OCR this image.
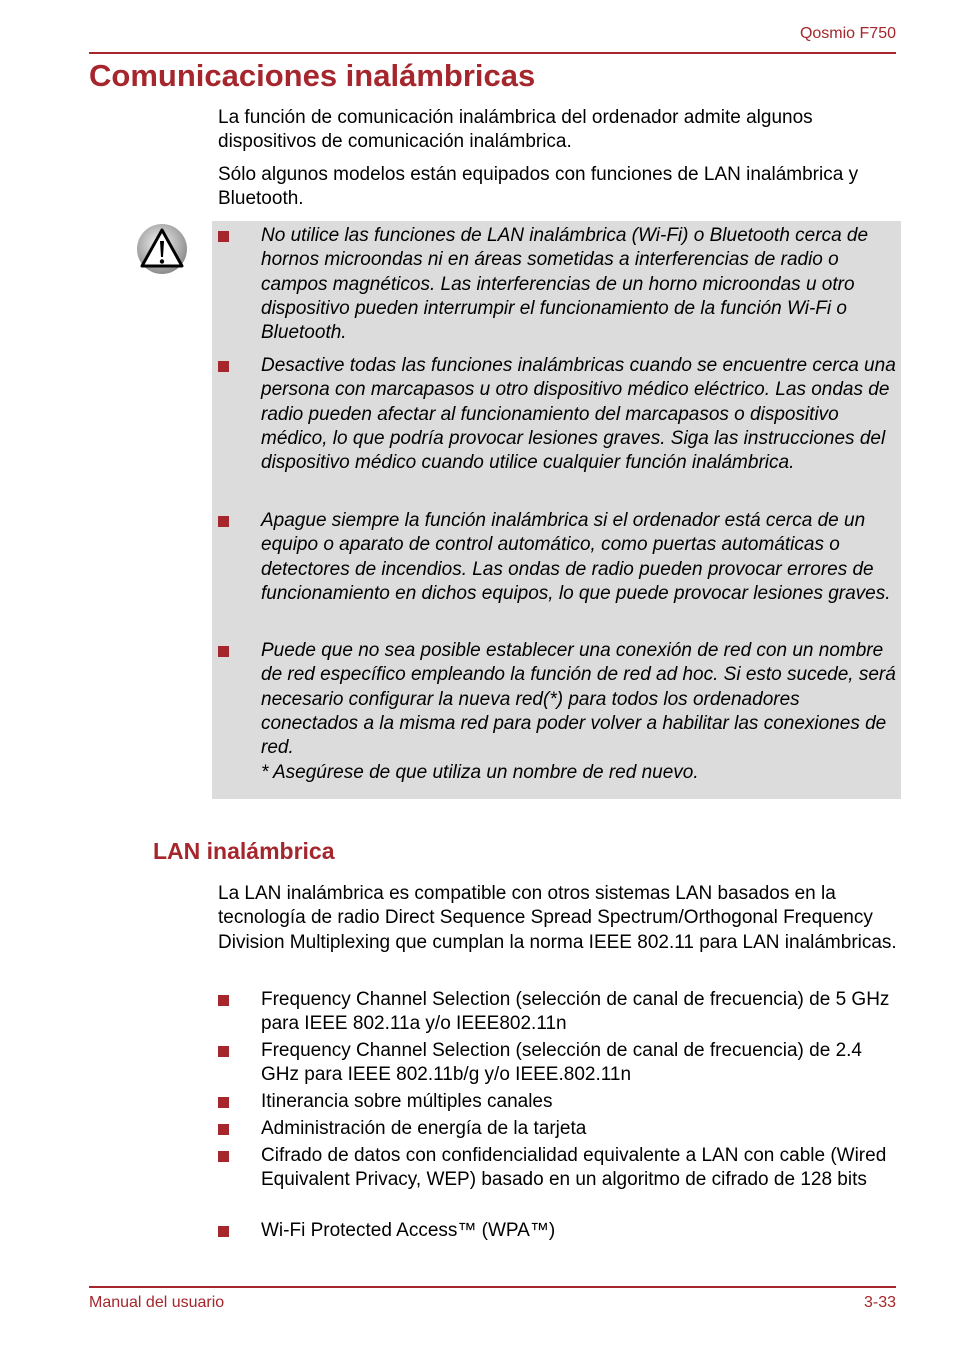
Qosmio F750
Comunicaciones inalámbricas

La función de comunicación inalámbrica del ordenador admite algunos dispositivos de comunicación inalámbrica.

Sólo algunos modelos están equipados con funciones de LAN inalámbrica y Bluetooth.

No utilice las funciones de LAN inalámbrica (Wi-Fi) o Bluetooth cerca de hornos microondas ni en áreas sometidas a interferencias de radio o campos magnéticos. Las interferencias de un horno microondas u otro dispositivo pueden interrumpir el funcionamiento de la función Wi-Fi o Bluetooth.

Desactive todas las funciones inalámbricas cuando se encuentre cerca una persona con marcapasos u otro dispositivo médico eléctrico. Las ondas de radio pueden afectar al funcionamiento del marcapasos o dispositivo médico, lo que podría provocar lesiones graves. Siga las instrucciones del dispositivo médico cuando utilice cualquier función inalámbrica.

Apague siempre la función inalámbrica si el ordenador está cerca de un equipo o aparato de control automático, como puertas automáticas o detectores de incendios. Las ondas de radio pueden provocar errores de funcionamiento en dichos equipos, lo que puede provocar lesiones graves.

Puede que no sea posible establecer una conexión de red con un nombre de red específico empleando la función de red ad hoc. Si esto sucede, será necesario configurar la nueva red(*) para todos los ordenadores conectados a la misma red para poder volver a habilitar las conexiones de red.

* Asegúrese de que utiliza un nombre de red nuevo.

LAN inalámbrica

La LAN inalámbrica es compatible con otros sistemas LAN basados en la tecnología de radio Direct Sequence Spread Spectrum/Orthogonal Frequency Division Multiplexing que cumplan la norma IEEE 802.11 para LAN inalámbricas.

Frequency Channel Selection (selección de canal de frecuencia) de 5 GHz para IEEE 802.11a y/o IEEE802.11n

Frequency Channel Selection (selección de canal de frecuencia) de 2.4 GHz para IEEE 802.11b/g y/o IEEE.802.11n

Itinerancia sobre múltiples canales

Administración de energía de la tarjeta

Cifrado de datos con confidencialidad equivalente a LAN con cable (Wired Equivalent Privacy, WEP) basado en un algoritmo de cifrado de 128 bits

Wi-Fi Protected Access™ (WPA™)

Manual del usuario	3-33
